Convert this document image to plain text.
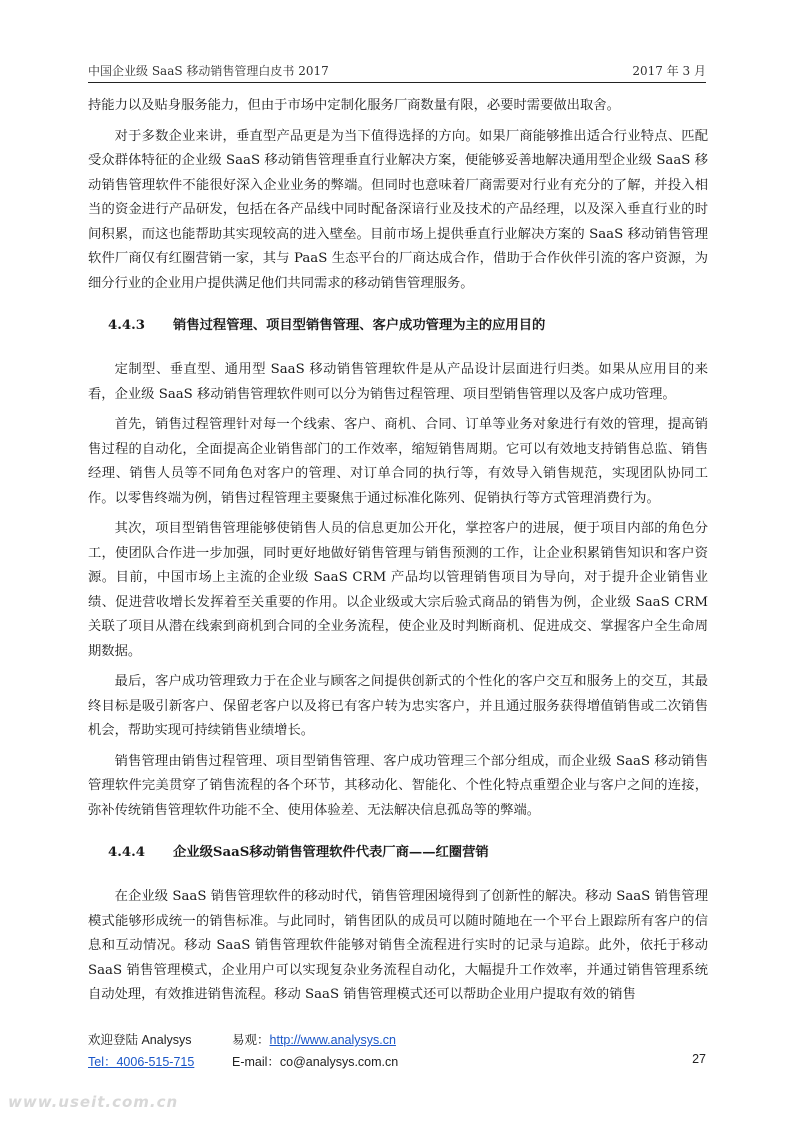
中国企业级 SaaS 移动销售管理白皮书 2017	2017 年 3 月

持能力以及贴身服务能力，但由于市场中定制化服务厂商数量有限，必要时需要做出取舍。

对于多数企业来讲，垂直型产品更是为当下值得选择的方向。如果厂商能够推出适合行业特点、匹配受众群体特征的企业级 SaaS 移动销售管理垂直行业解决方案，便能够妥善地解决通用型企业级 SaaS 移动销售管理软件不能很好深入企业业务的弊端。但同时也意味着厂商需要对行业有充分的了解，并投入相当的资金进行产品研发，包括在各产品线中同时配备深谙行业及技术的产品经理，以及深入垂直行业的时间积累，而这也能帮助其实现较高的进入壁垒。目前市场上提供垂直行业解决方案的 SaaS 移动销售管理软件厂商仅有红圈营销一家，其与 PaaS 生态平台的厂商达成合作，借助于合作伙伴引流的客户资源，为细分行业的企业用户提供满足他们共同需求的移动销售管理服务。

4.4.3 销售过程管理、项目型销售管理、客户成功管理为主的应用目的

定制型、垂直型、通用型 SaaS 移动销售管理软件是从产品设计层面进行归类。如果从应用目的来看，企业级 SaaS 移动销售管理软件则可以分为销售过程管理、项目型销售管理以及客户成功管理。

首先，销售过程管理针对每一个线索、客户、商机、合同、订单等业务对象进行有效的管理，提高销售过程的自动化，全面提高企业销售部门的工作效率，缩短销售周期。它可以有效地支持销售总监、销售经理、销售人员等不同角色对客户的管理、对订单合同的执行等，有效导入销售规范，实现团队协同工作。以零售终端为例，销售过程管理主要聚焦于通过标准化陈列、促销执行等方式管理消费行为。

其次，项目型销售管理能够使销售人员的信息更加公开化，掌控客户的进展，便于项目内部的角色分工，使团队合作进一步加强，同时更好地做好销售管理与销售预测的工作，让企业积累销售知识和客户资源。目前，中国市场上主流的企业级 SaaS CRM 产品均以管理销售项目为导向，对于提升企业销售业绩、促进营收增长发挥着至关重要的作用。以企业级或大宗后验式商品的销售为例，企业级 SaaS CRM 关联了项目从潜在线索到商机到合同的全业务流程，使企业及时判断商机、促进成交、掌握客户全生命周期数据。

最后，客户成功管理致力于在企业与顾客之间提供创新式的个性化的客户交互和服务上的交互，其最终目标是吸引新客户、保留老客户以及将已有客户转为忠实客户，并且通过服务获得增值销售或二次销售机会，帮助实现可持续销售业绩增长。

销售管理由销售过程管理、项目型销售管理、客户成功管理三个部分组成，而企业级 SaaS 移动销售管理软件完美贯穿了销售流程的各个环节，其移动化、智能化、个性化特点重塑企业与客户之间的连接，弥补传统销售管理软件功能不全、使用体验差、无法解决信息孤岛等的弊端。

4.4.4 企业级SaaS移动销售管理软件代表厂商——红圈营销

在企业级 SaaS 销售管理软件的移动时代，销售管理困境得到了创新性的解决。移动 SaaS 销售管理模式能够形成统一的销售标准。与此同时，销售团队的成员可以随时随地在一个平台上跟踪所有客户的信息和互动情况。移动 SaaS 销售管理软件能够对销售全流程进行实时的记录与追踪。此外，依托于移动 SaaS 销售管理模式，企业用户可以实现复杂业务流程自动化，大幅提升工作效率，并通过销售管理系统自动处理，有效推进销售流程。移动 SaaS 销售管理模式还可以帮助企业用户提取有效的销售

欢迎登陆 Analysys	易观：http://www.analysys.cn
Tel：4006-515-715	E-mail：co@analysys.com.cn	27
www.useit.com.cn
